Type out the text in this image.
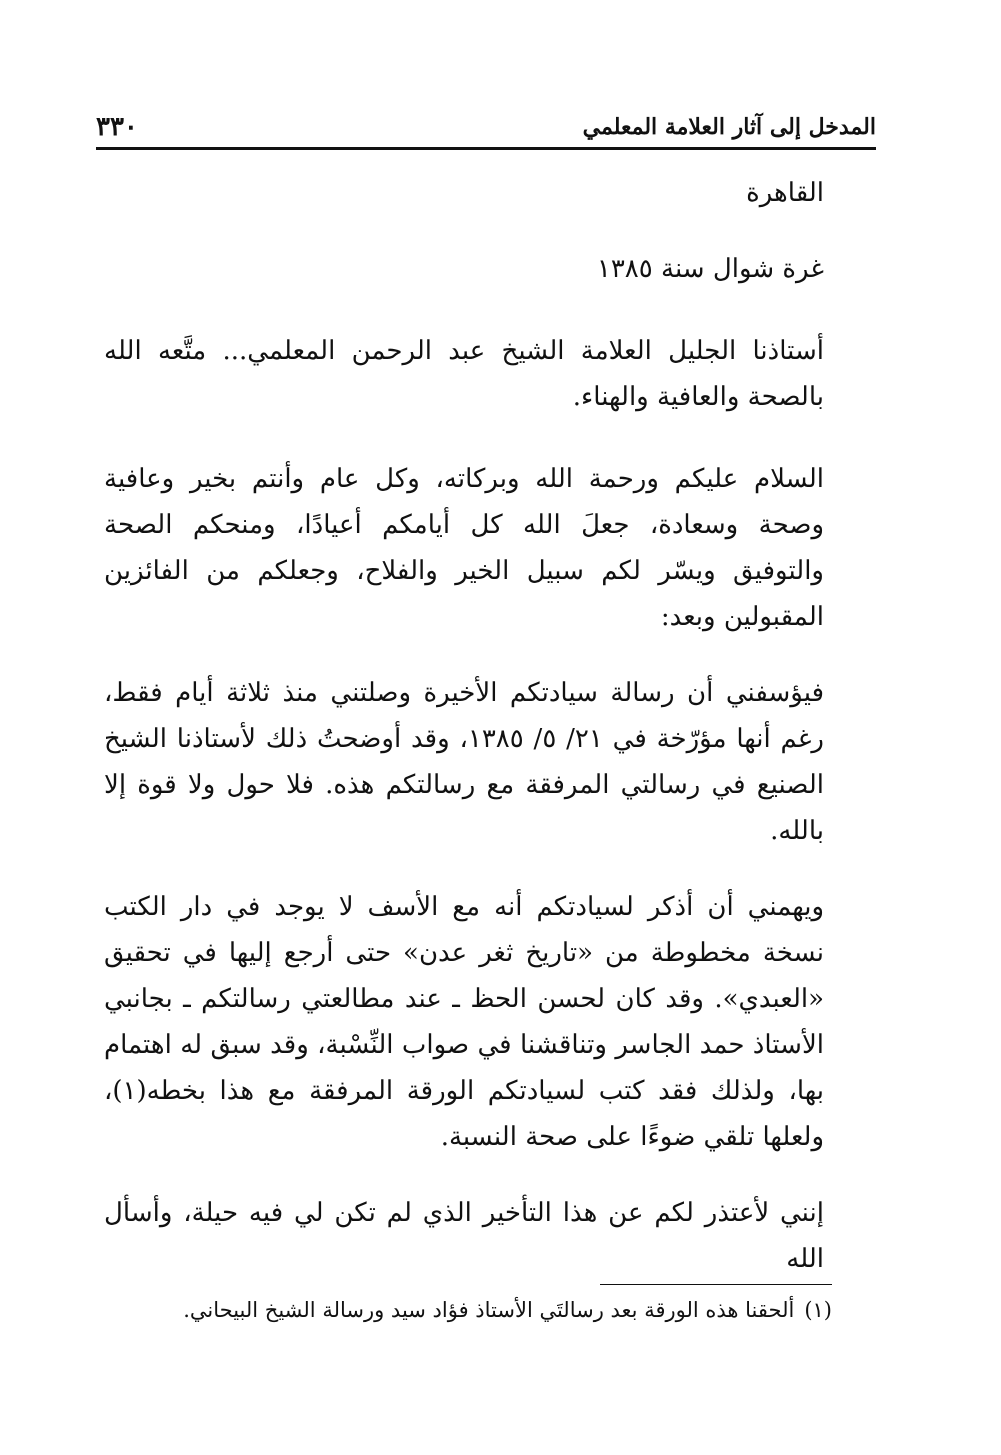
المدخل إلى آثار العلامة المعلمي
٣٣٠

القاهرة

غرة شوال سنة ١٣٨٥

أستاذنا الجليل العلامة الشيخ عبد الرحمن المعلمي... متَّعه الله بالصحة والعافية والهناء.

السلام عليكم ورحمة الله وبركاته، وكل عام وأنتم بخير وعافية وصحة وسعادة، جعلَ الله كل أيامكم أعيادًا، ومنحكم الصحة والتوفيق ويسّر لكم سبيل الخير والفلاح، وجعلكم من الفائزين المقبولين وبعد:

فيؤسفني أن رسالة سيادتكم الأخيرة وصلتني منذ ثلاثة أيام فقط، رغم أنها مؤرّخة في ٢١/ ٥/ ١٣٨٥، وقد أوضحتُ ذلك لأستاذنا الشيخ الصنيع في رسالتي المرفقة مع رسالتكم هذه. فلا حول ولا قوة إلا بالله.

ويهمني أن أذكر لسيادتكم أنه مع الأسف لا يوجد في دار الكتب نسخة مخطوطة من «تاريخ ثغر عدن» حتى أرجع إليها في تحقيق «العبدي». وقد كان لحسن الحظ ـ عند مطالعتي رسالتكم ـ بجانبي الأستاذ حمد الجاسر وتناقشنا في صواب النِّسْبة، وقد سبق له اهتمام بها، ولذلك فقد كتب لسيادتكم الورقة المرفقة مع هذا بخطه(١)، ولعلها تلقي ضوءًا على صحة النسبة.

إنني لأعتذر لكم عن هذا التأخير الذي لم تكن لي فيه حيلة، وأسأل الله

(١)ألحقنا هذه الورقة بعد رسالتَي الأستاذ فؤاد سيد ورسالة الشيخ البيحاني.
